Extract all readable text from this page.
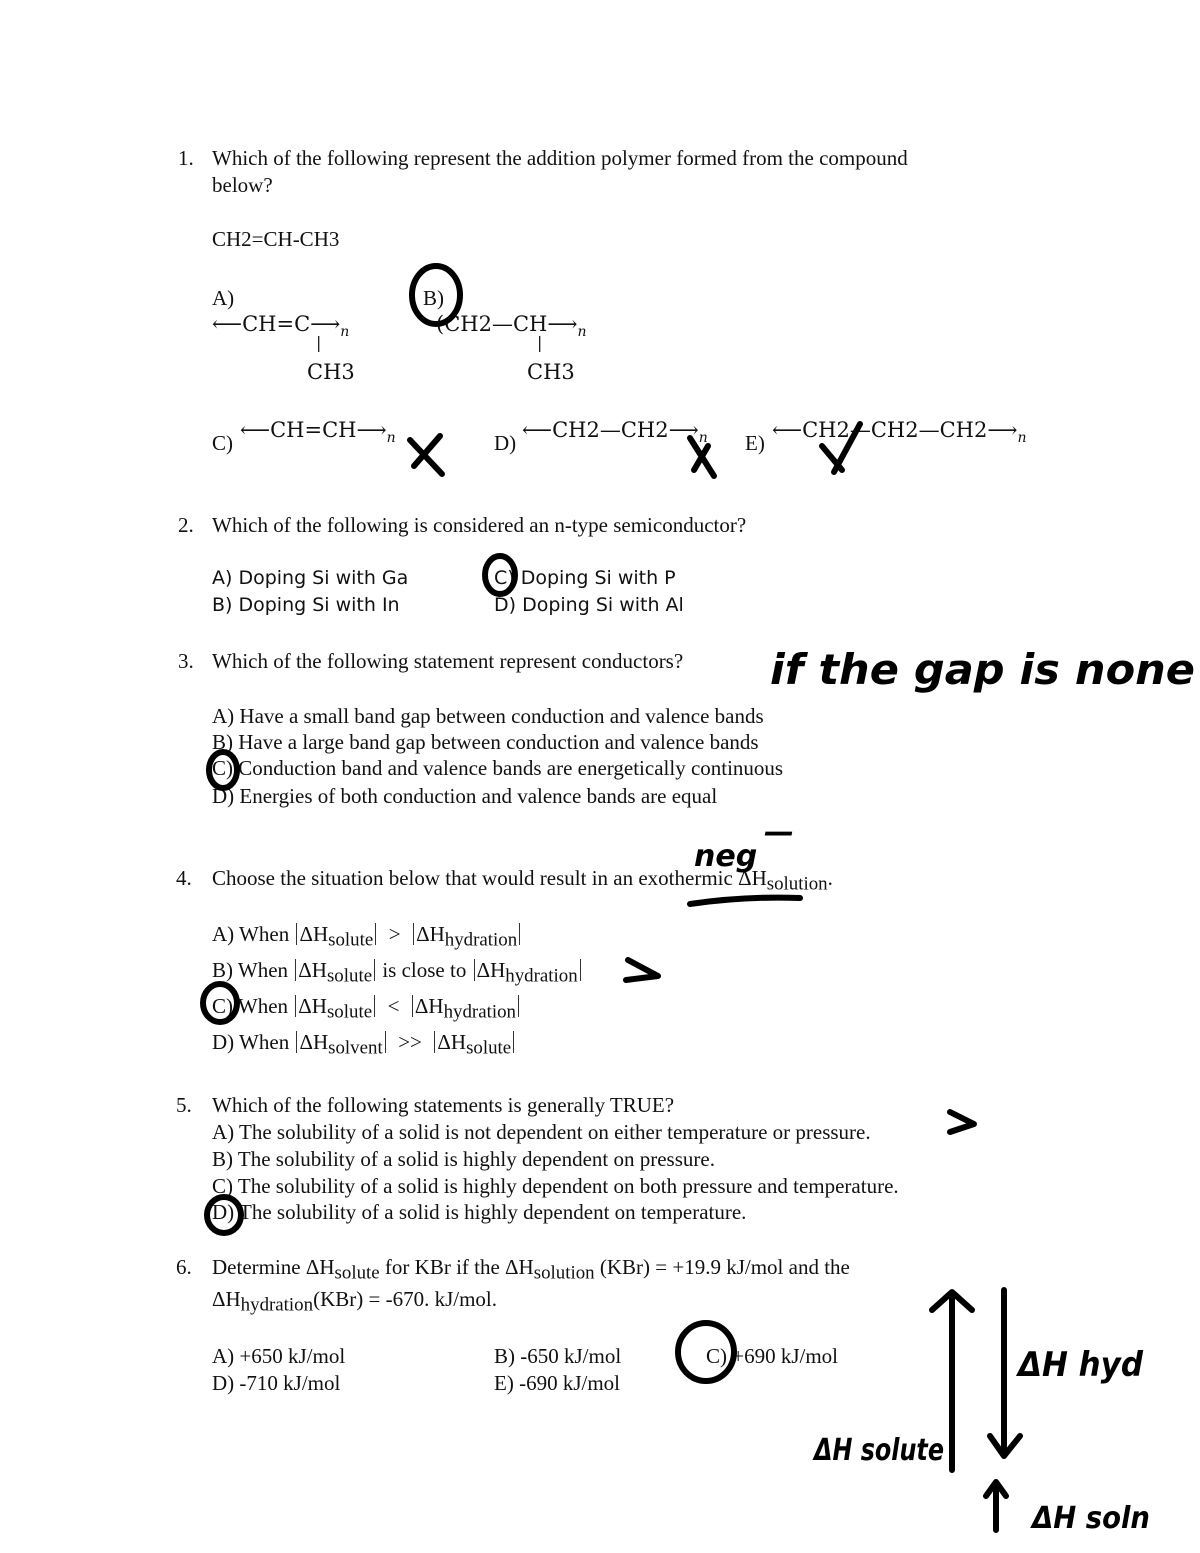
1. Which of the following represent the addition polymer formed from the compound
below?
CH2=CH-CH3
A)
$⟵CH=C⟶_n$
|
CH3
B)
($CH2—CH⟶_n$
|
CH3
C)
$⟵CH=CH⟶_n$	D)
$⟵CH2—CH2⟶_n$ E)
$⟵CH2—CH2—CH2⟶_n$
2. Which of the following is considered an n-type semiconductor?
A) Doping Si with Ga
B) Doping Si with In
C) Doping Si with P
D) Doping Si with Al
3. Which of the following statement represent conductors?
A) Have a small band gap between conduction and valence bands
B) Have a large band gap between conduction and valence bands
C) Conduction band and valence bands are energetically continuous
D) Energies of both conduction and valence bands are equal
4. Choose the situation below that would result in an exothermic $\Delta H_{solution}$.
A) When $\Delta H_{solute} > \Delta H_{hydration}$
B) When $\Delta H_{solute}$ is close to $\Delta H_{hydration}$
C) When $\Delta H_{solute} < \Delta H_{hydration}$
D) When $\Delta H_{solvent} >> \Delta H_{solute}$
5. Which of the following statements is generally TRUE?
A) The solubility of a solid is not dependent on either temperature or pressure.
B) The solubility of a solid is highly dependent on pressure.
C) The solubility of a solid is highly dependent on both pressure and temperature.
D) The solubility of a solid is highly dependent on temperature.
6. Determine $\Delta H_{solute}$ for KBr if the $\Delta H_{solution}$ (KBr) = +19.9 kJ/mol and the
$\Delta H_{hydration}(KBr) = -670$. kJ/mol.
A) +650 kJ/mol	B) -650 kJ/mol	C) +690 kJ/mol
D) -710 kJ/mol	E) -690 kJ/mol
if the gap is none
neg
—
ΔH hyd
ΔH solute
ΔH soln
